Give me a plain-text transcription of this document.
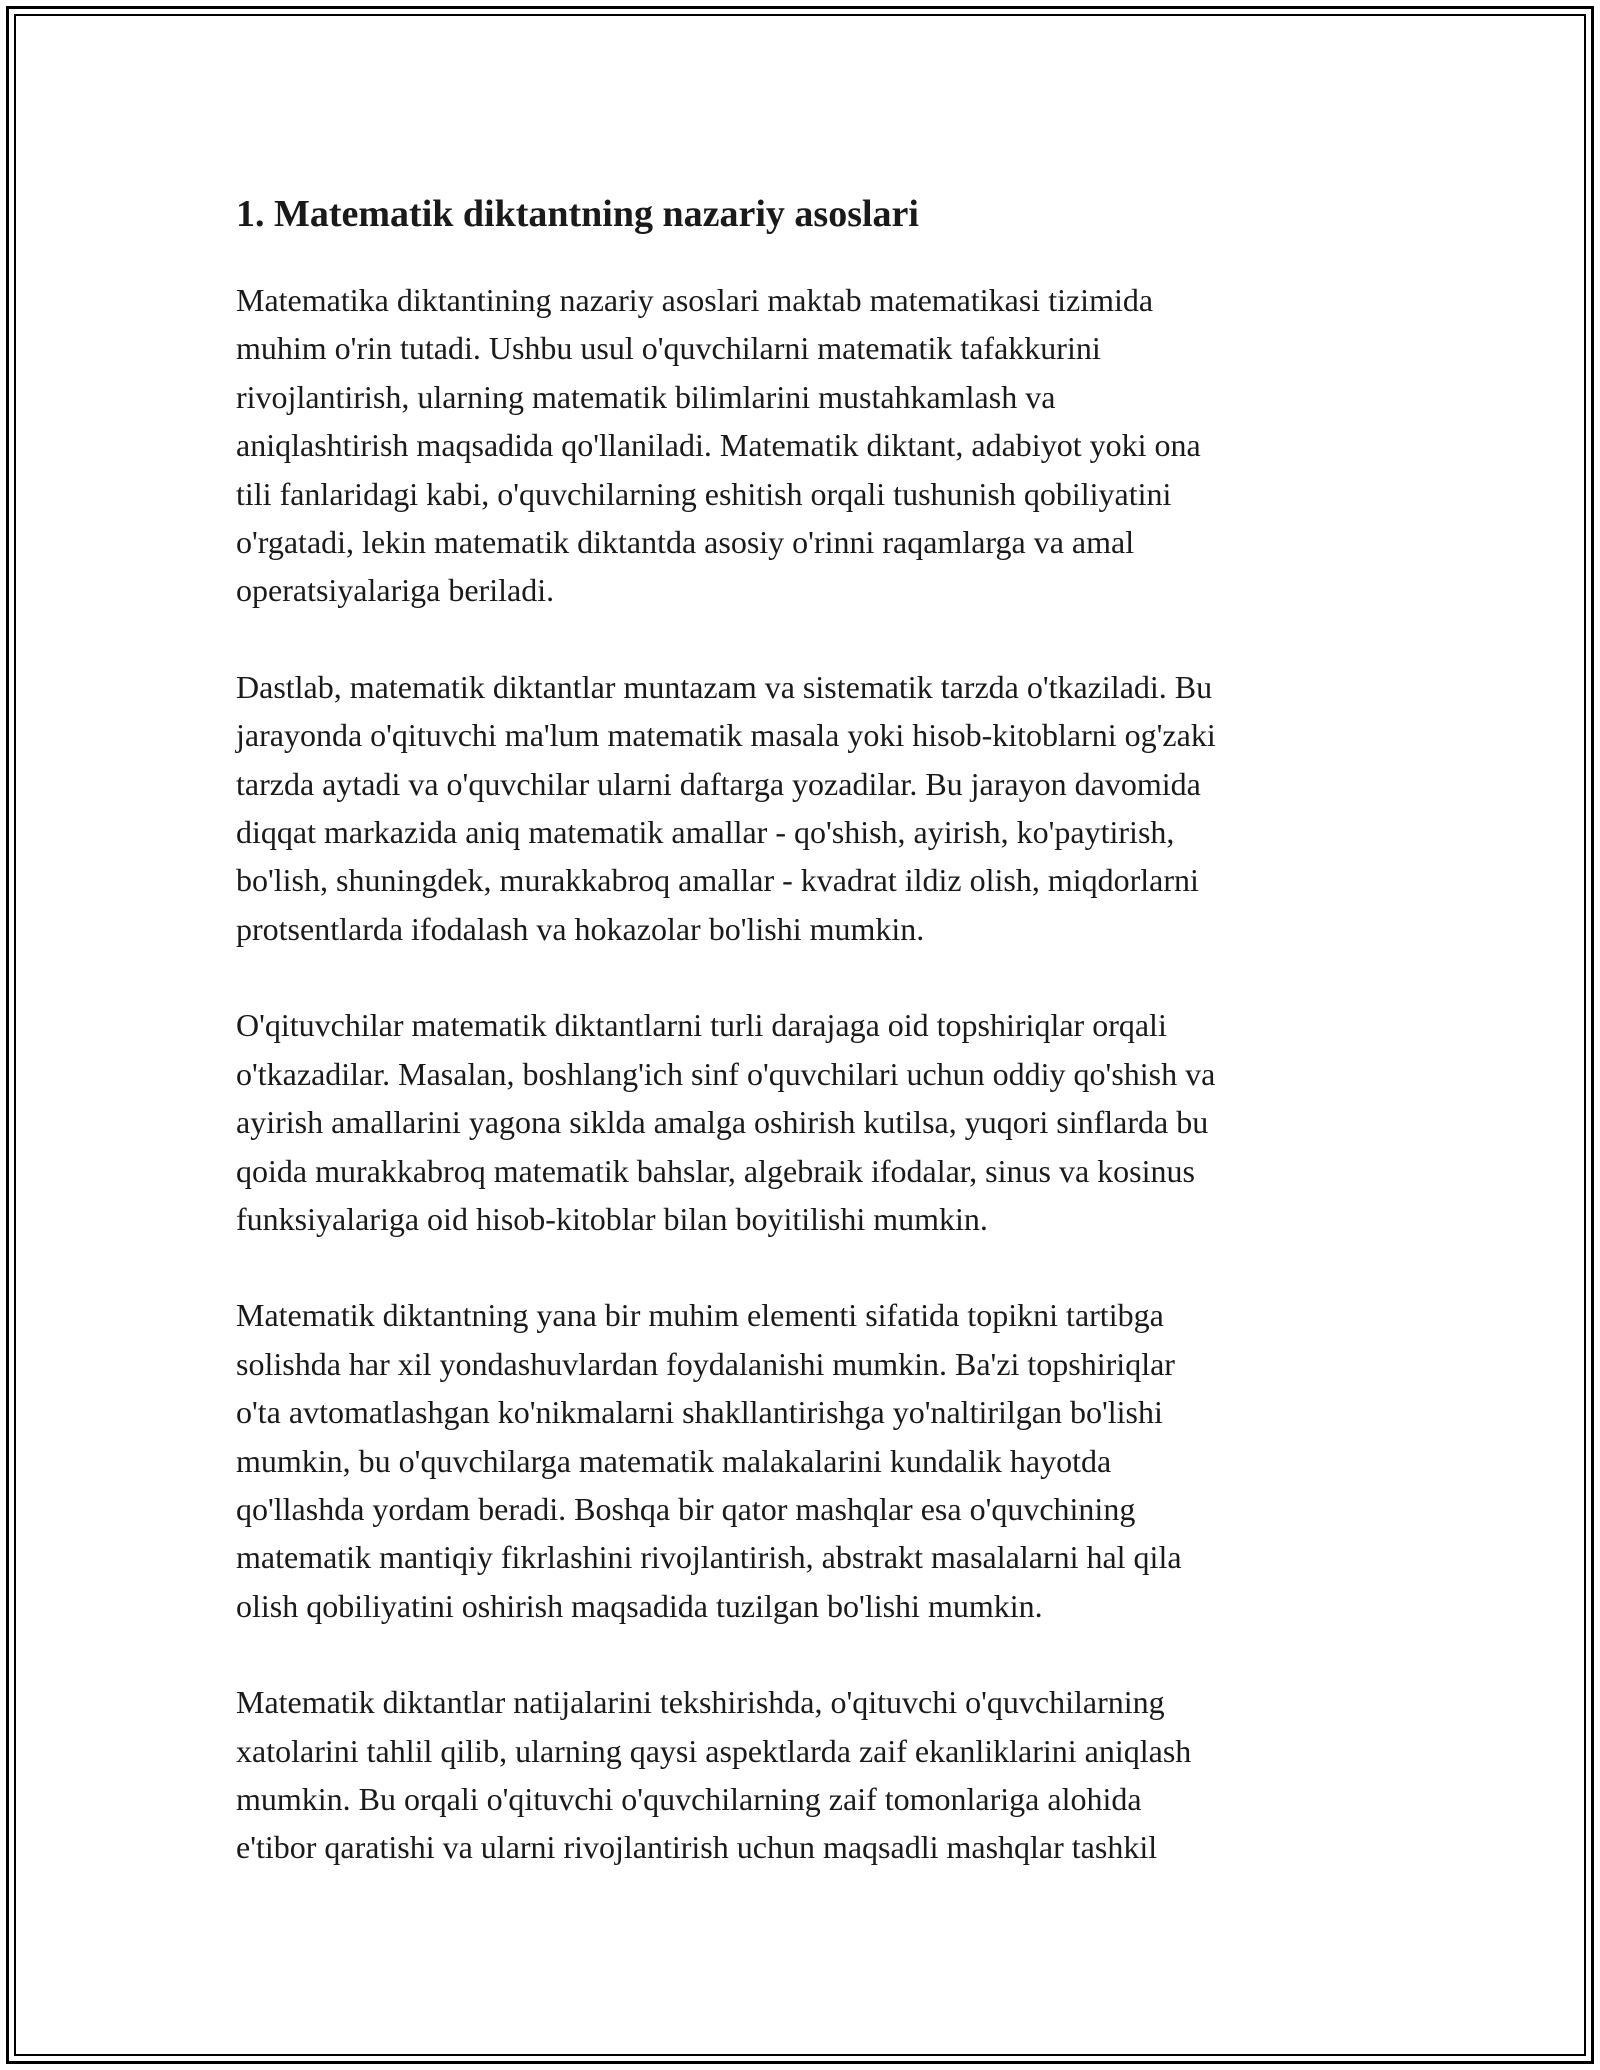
1. Matematik diktantning nazariy asoslari
Matematika diktantining nazariy asoslari maktab matematikasi tizimida
muhim o'rin tutadi. Ushbu usul o'quvchilarni matematik tafakkurini
rivojlantirish, ularning matematik bilimlarini mustahkamlash va
aniqlashtirish maqsadida qo'llaniladi. Matematik diktant, adabiyot yoki ona
tili fanlaridagi kabi, o'quvchilarning eshitish orqali tushunish qobiliyatini
o'rgatadi, lekin matematik diktantda asosiy o'rinni raqamlarga va amal
operatsiyalariga beriladi.
Dastlab, matematik diktantlar muntazam va sistematik tarzda o'tkaziladi. Bu
jarayonda o'qituvchi ma'lum matematik masala yoki hisob-kitoblarni og'zaki
tarzda aytadi va o'quvchilar ularni daftarga yozadilar. Bu jarayon davomida
diqqat markazida aniq matematik amallar - qo'shish, ayirish, ko'paytirish,
bo'lish, shuningdek, murakkabroq amallar - kvadrat ildiz olish, miqdorlarni
protsentlarda ifodalash va hokazolar bo'lishi mumkin.
O'qituvchilar matematik diktantlarni turli darajaga oid topshiriqlar orqali
o'tkazadilar. Masalan, boshlang'ich sinf o'quvchilari uchun oddiy qo'shish va
ayirish amallarini yagona siklda amalga oshirish kutilsa, yuqori sinflarda bu
qoida murakkabroq matematik bahslar, algebraik ifodalar, sinus va kosinus
funksiyalariga oid hisob-kitoblar bilan boyitilishi mumkin.
Matematik diktantning yana bir muhim elementi sifatida topikni tartibga
solishda har xil yondashuvlardan foydalanishi mumkin. Ba'zi topshiriqlar
o'ta avtomatlashgan ko'nikmalarni shakllantirishga yo'naltirilgan bo'lishi
mumkin, bu o'quvchilarga matematik malakalarini kundalik hayotda
qo'llashda yordam beradi. Boshqa bir qator mashqlar esa o'quvchining
matematik mantiqiy fikrlashini rivojlantirish, abstrakt masalalarni hal qila
olish qobiliyatini oshirish maqsadida tuzilgan bo'lishi mumkin.
Matematik diktantlar natijalarini tekshirishda, o'qituvchi o'quvchilarning
xatolarini tahlil qilib, ularning qaysi aspektlarda zaif ekanliklarini aniqlash
mumkin. Bu orqali o'qituvchi o'quvchilarning zaif tomonlariga alohida
e'tibor qaratishi va ularni rivojlantirish uchun maqsadli mashqlar tashkil
